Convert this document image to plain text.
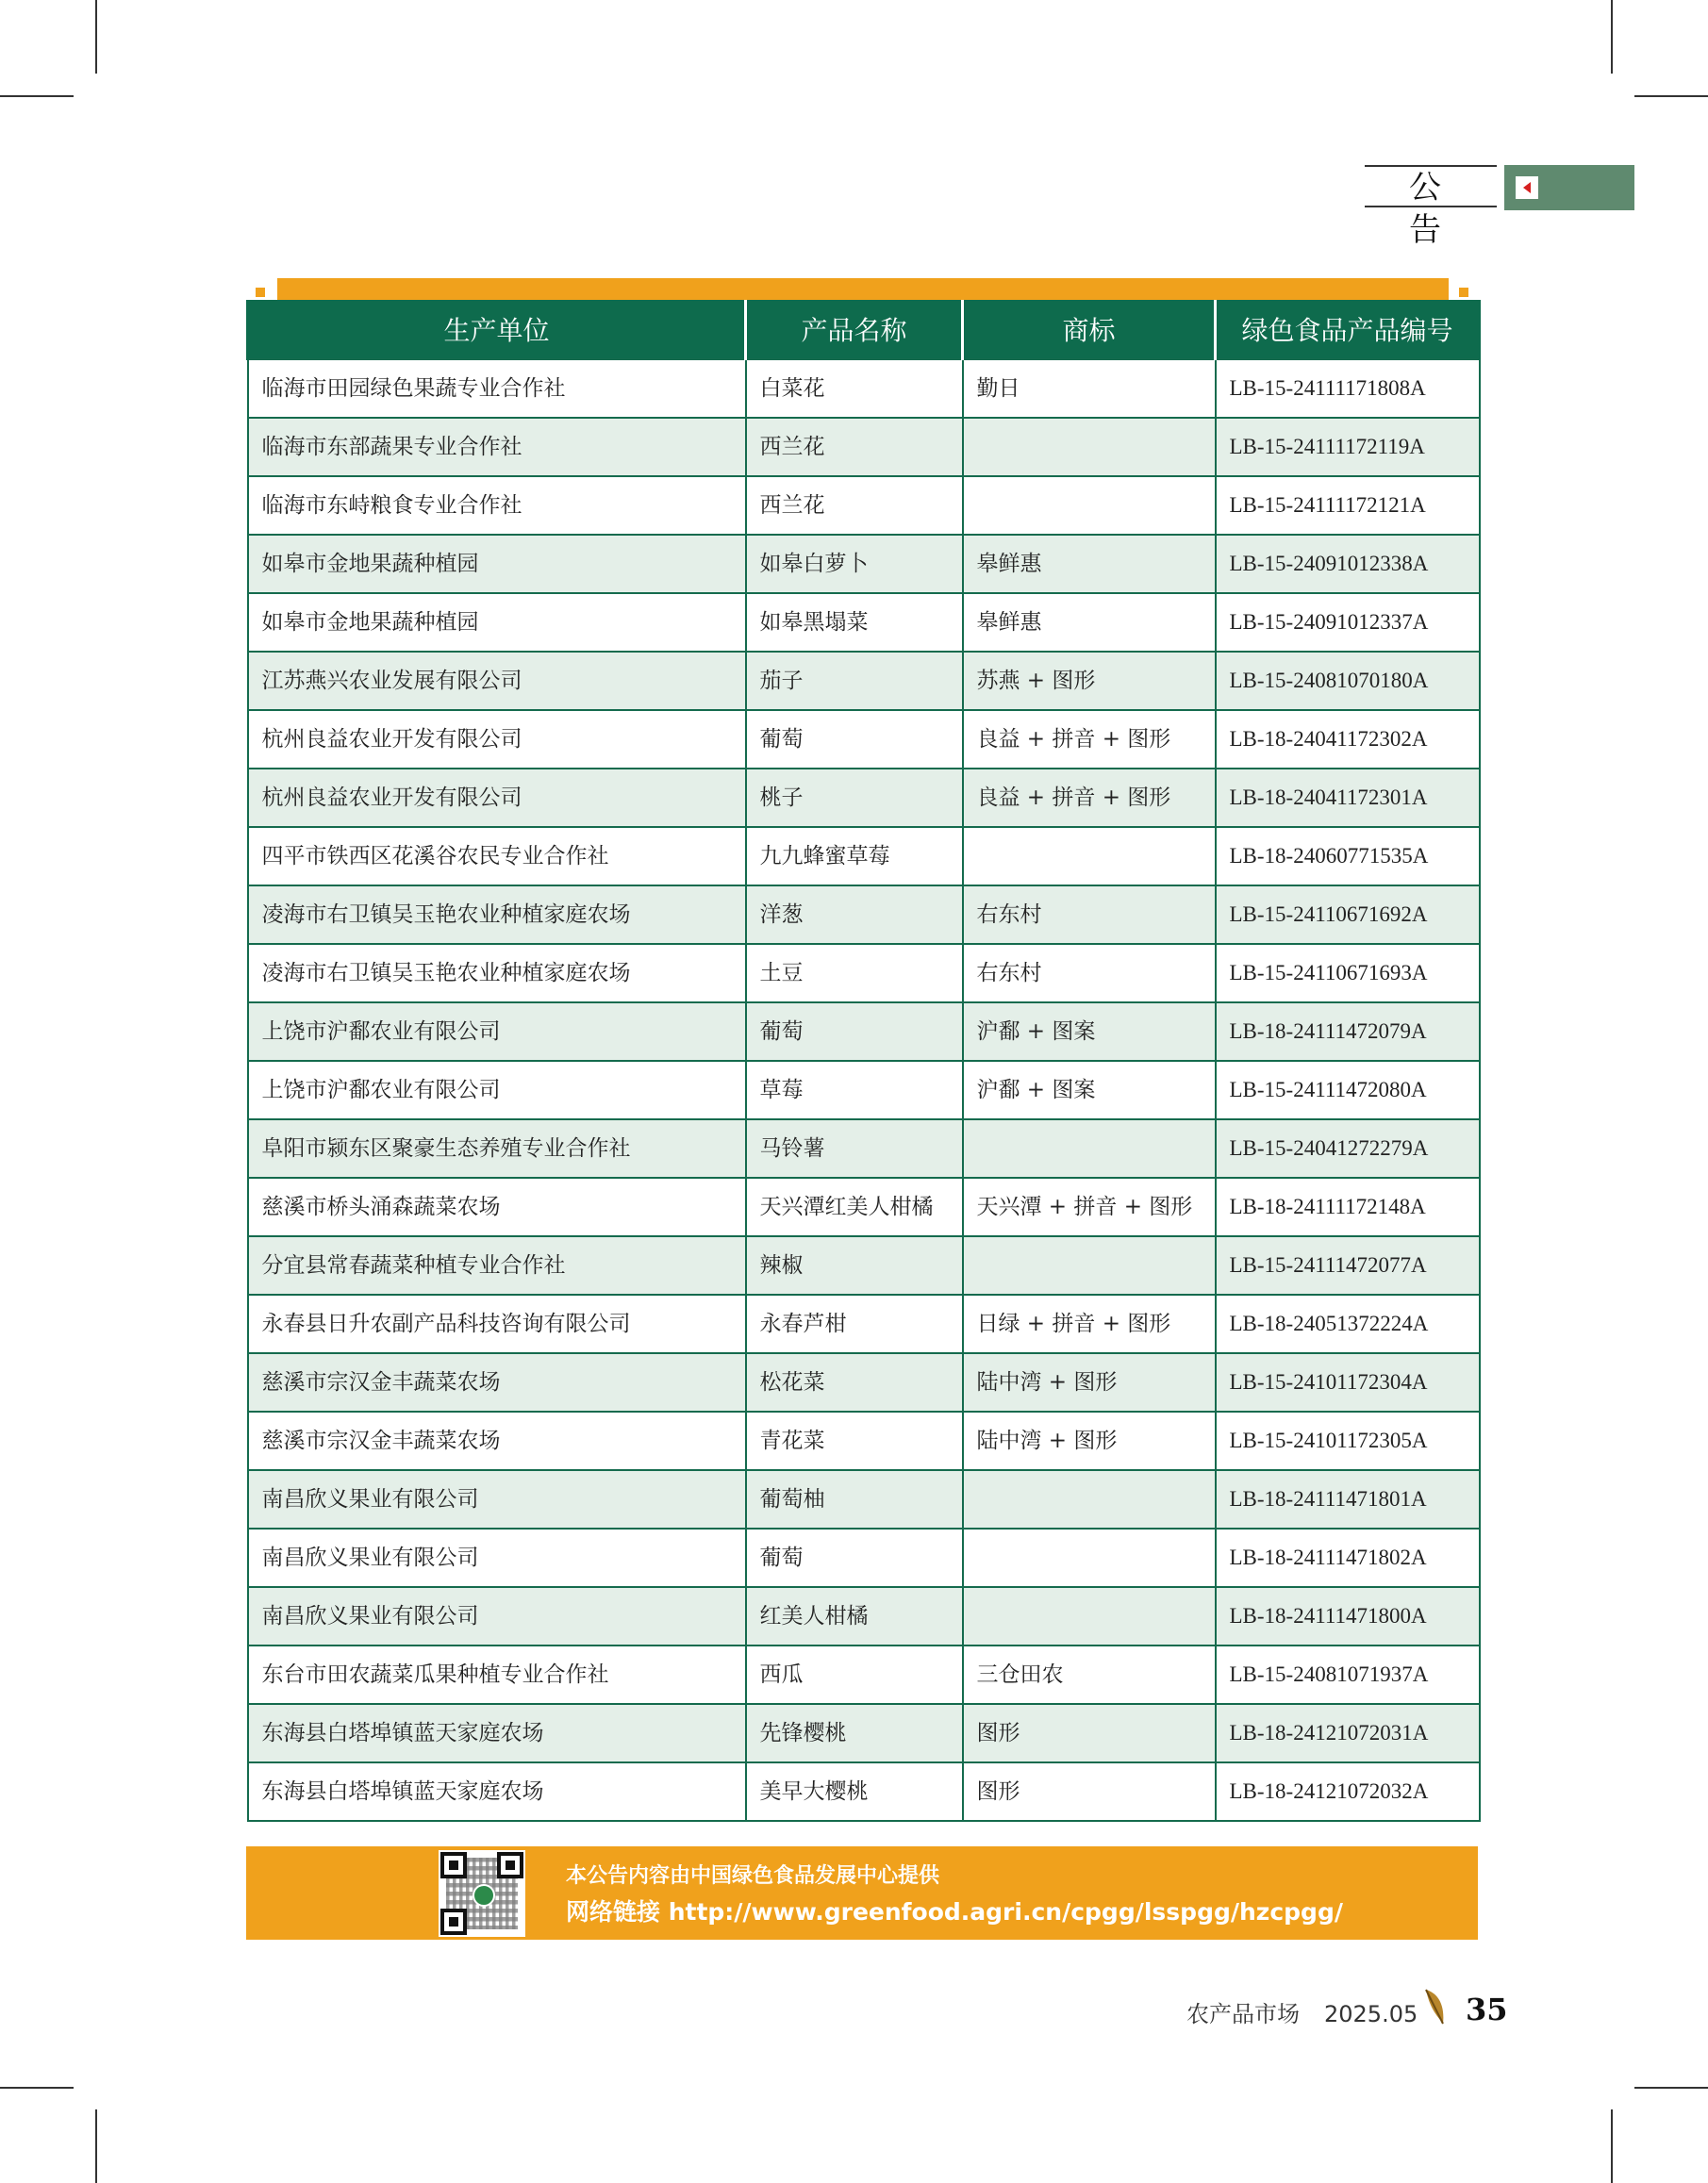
公 告
生产单位	产品名称	商标	绿色食品产品编号
临海市田园绿色果蔬专业合作社	白菜花	勤日	LB-15-24111171808A
临海市东部蔬果专业合作社	西兰花		LB-15-24111172119A
临海市东峙粮食专业合作社	西兰花		LB-15-24111172121A
如皋市金地果蔬种植园	如皋白萝卜	皋鲜惠	LB-15-24091012338A
如皋市金地果蔬种植园	如皋黑塌菜	皋鲜惠	LB-15-24091012337A
江苏燕兴农业发展有限公司	茄子	苏燕 + 图形	LB-15-24081070180A
杭州良益农业开发有限公司	葡萄	良益 + 拼音 + 图形	LB-18-24041172302A
杭州良益农业开发有限公司	桃子	良益 + 拼音 + 图形	LB-18-24041172301A
四平市铁西区花溪谷农民专业合作社	九九蜂蜜草莓		LB-18-24060771535A
凌海市右卫镇吴玉艳农业种植家庭农场	洋葱	右东村	LB-15-24110671692A
凌海市右卫镇吴玉艳农业种植家庭农场	土豆	右东村	LB-15-24110671693A
上饶市沪鄱农业有限公司	葡萄	沪鄱 + 图案	LB-18-24111472079A
上饶市沪鄱农业有限公司	草莓	沪鄱 + 图案	LB-15-24111472080A
阜阳市颍东区聚豪生态养殖专业合作社	马铃薯		LB-15-24041272279A
慈溪市桥头涌森蔬菜农场	天兴潭红美人柑橘	天兴潭 + 拼音 + 图形	LB-18-24111172148A
分宜县常春蔬菜种植专业合作社	辣椒		LB-15-24111472077A
永春县日升农副产品科技咨询有限公司	永春芦柑	日绿 + 拼音 + 图形	LB-18-24051372224A
慈溪市宗汉金丰蔬菜农场	松花菜	陆中湾 + 图形	LB-15-24101172304A
慈溪市宗汉金丰蔬菜农场	青花菜	陆中湾 + 图形	LB-15-24101172305A
南昌欣义果业有限公司	葡萄柚		LB-18-24111471801A
南昌欣义果业有限公司	葡萄		LB-18-24111471802A
南昌欣义果业有限公司	红美人柑橘		LB-18-24111471800A
东台市田农蔬菜瓜果种植专业合作社	西瓜	三仓田农	LB-15-24081071937A
东海县白塔埠镇蓝天家庭农场	先锋樱桃	图形	LB-18-24121072031A
东海县白塔埠镇蓝天家庭农场	美早大樱桃	图形	LB-18-24121072032A
本公告内容由中国绿色食品发展中心提供
网络链接 http://www.greenfood.agri.cn/cpgg/lsspgg/hzcpgg/
农产品市场 2025.05 35
